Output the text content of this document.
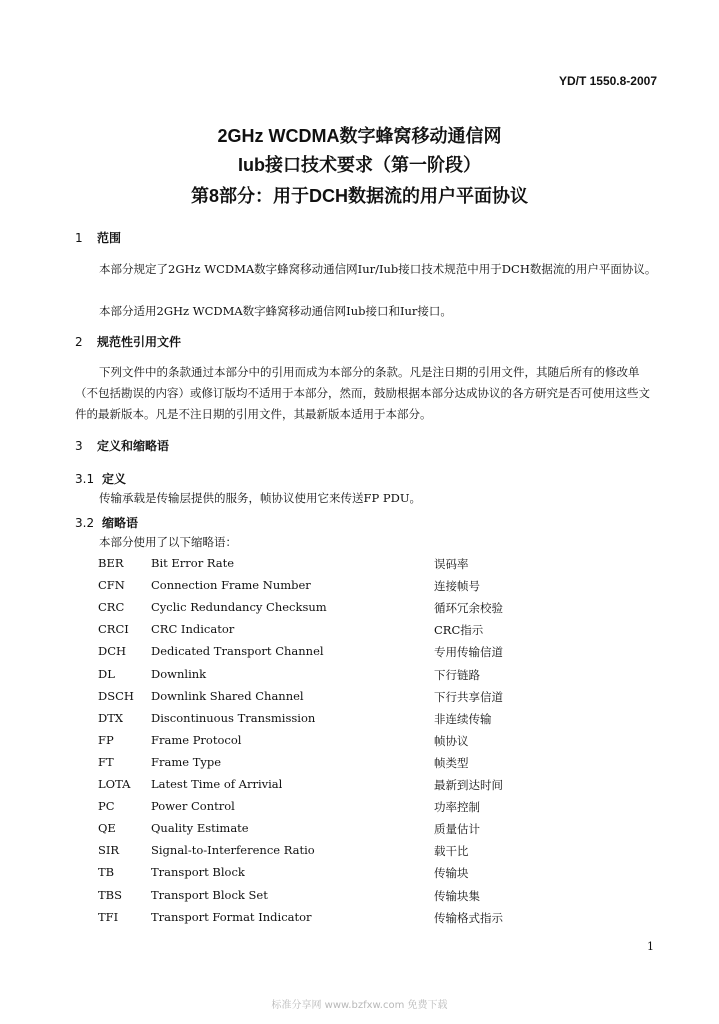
YD/T 1550.8-2007
2GHz WCDMA数字蜂窝移动通信网
Iub接口技术要求（第一阶段）
第8部分：用于DCH数据流的用户平面协议
1 范围
本部分规定了2GHz WCDMA数字蜂窝移动通信网Iur/Iub接口技术规范中用于DCH数据流的用户平面协议。
本部分适用2GHz WCDMA数字蜂窝移动通信网Iub接口和Iur接口。
2 规范性引用文件
下列文件中的条款通过本部分中的引用而成为本部分的条款。凡是注日期的引用文件，其随后所有的修改单（不包括勘误的内容）或修订版均不适用于本部分，然而，鼓励根据本部分达成协议的各方研究是否可使用这些文件的最新版本。凡是不注日期的引用文件，其最新版本适用于本部分。
3 定义和缩略语
3.1 定义
传输承载是传输层提供的服务，帧协议使用它来传送FP PDU。
3.2 缩略语
本部分使用了以下缩略语：
BER Bit Error Rate	误码率
CFN Connection Frame Number	连接帧号
CRC Cyclic Redundancy Checksum	循环冗余校验
CRCI CRC Indicator	CRC指示
DCH Dedicated Transport Channel	专用传输信道
DL	Downlink	下行链路
DSCH Downlink Shared Channel	下行共享信道
DTX Discontinuous Transmission	非连续传输
FP	Frame Protocol	帧协议
FT	Frame Type	帧类型
LOTA Latest Time of Arrivial	最新到达时间
PC	Power Control	功率控制
QE	Quality Estimate	质量估计
SIR	Signal-to-Interference Ratio	载干比
TB	Transport Block	传输块
TBS	Transport Block Set	传输块集
TFI	Transport Format Indicator	传输格式指示
1
标准分享网 www.bzfxw.com 免费下载
